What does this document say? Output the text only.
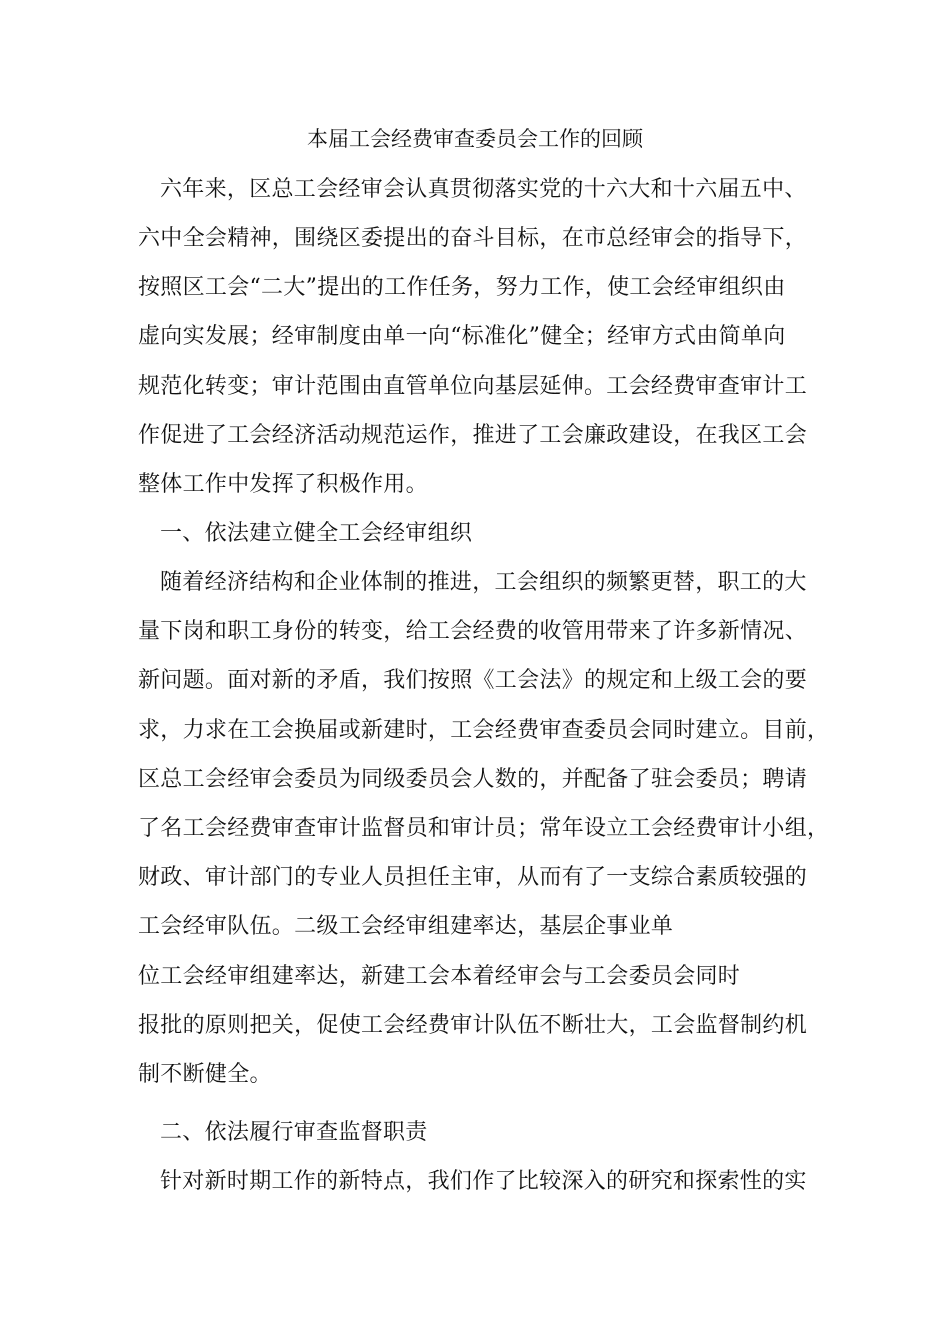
本届工会经费审查委员会工作的回顾
六年来，区总工会经审会认真贯彻落实党的十六大和十六届五中、
六中全会精神，围绕区委提出的奋斗目标，在市总经审会的指导下，
按照区工会“二大”提出的工作任务，努力工作，使工会经审组织由
虚向实发展；经审制度由单一向“标准化”健全；经审方式由简单向
规范化转变；审计范围由直管单位向基层延伸。工会经费审查审计工
作促进了工会经济活动规范运作，推进了工会廉政建设，在我区工会
整体工作中发挥了积极作用。
一、依法建立健全工会经审组织
随着经济结构和企业体制的推进，工会组织的频繁更替，职工的大
量下岗和职工身份的转变，给工会经费的收管用带来了许多新情况、
新问题。面对新的矛盾，我们按照《工会法》的规定和上级工会的要
求，力求在工会换届或新建时，工会经费审查委员会同时建立。目前，
区总工会经审会委员为同级委员会人数的，并配备了驻会委员；聘请
了名工会经费审查审计监督员和审计员；常年设立工会经费审计小组，
财政、审计部门的专业人员担任主审，从而有了一支综合素质较强的
工会经审队伍。二级工会经审组建率达，基层企事业单
位工会经审组建率达，新建工会本着经审会与工会委员会同时
报批的原则把关，促使工会经费审计队伍不断壮大，工会监督制约机
制不断健全。
二、依法履行审查监督职责
针对新时期工作的新特点，我们作了比较深入的研究和探索性的实
